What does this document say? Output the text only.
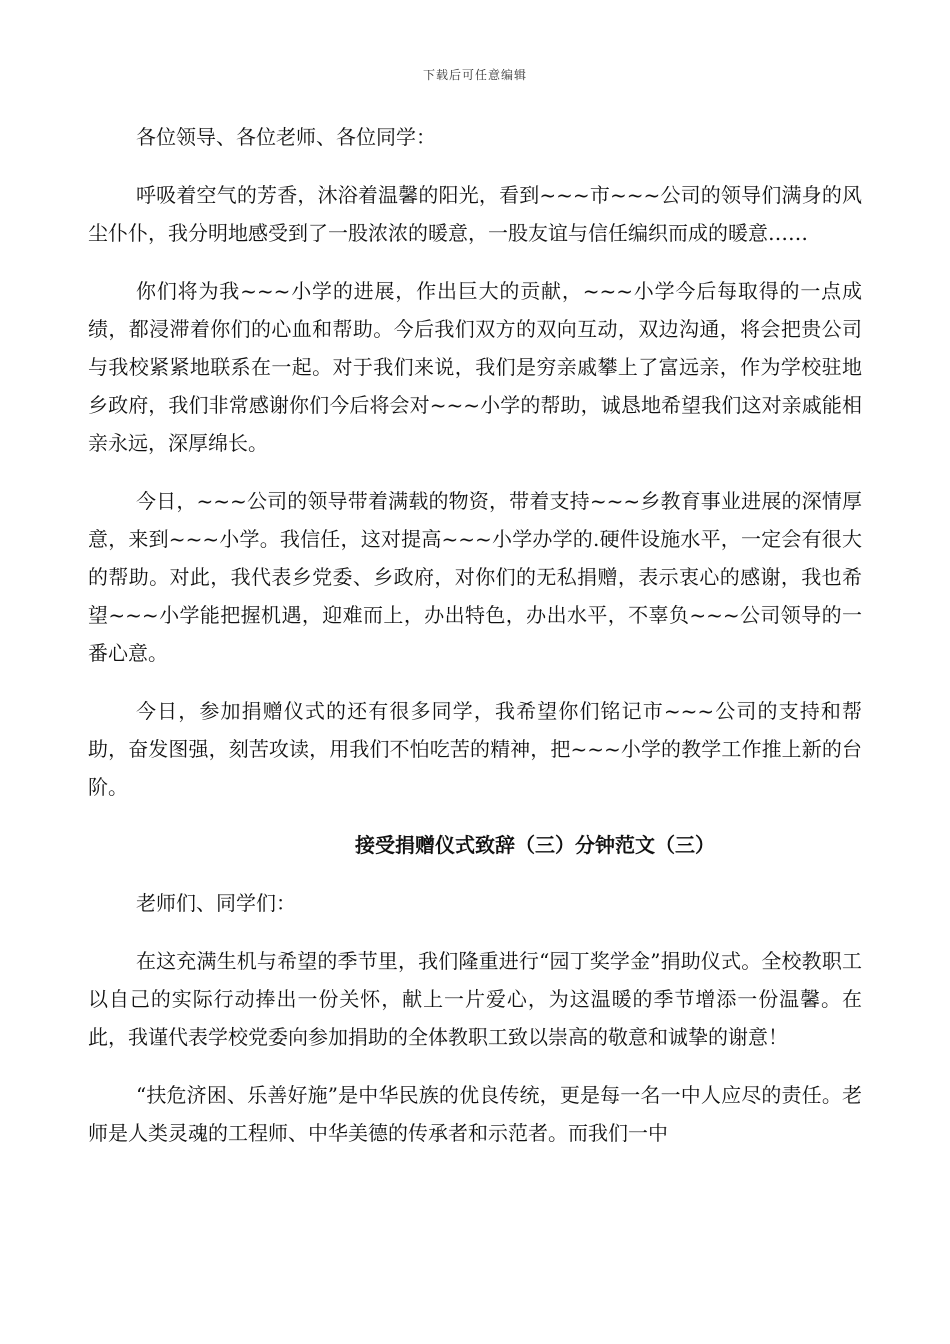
下载后可任意编辑

各位领导、各位老师、各位同学：

呼吸着空气的芳香，沐浴着温馨的阳光，看到~~~市~~~公司的领导们满身的风尘仆仆，我分明地感受到了一股浓浓的暖意，一股友谊与信任编织而成的暖意……

你们将为我~~~小学的进展，作出巨大的贡献，~~~小学今后每取得的一点成绩，都浸滞着你们的心血和帮助。今后我们双方的双向互动，双边沟通，将会把贵公司与我校紧紧地联系在一起。对于我们来说，我们是穷亲戚攀上了富远亲，作为学校驻地乡政府，我们非常感谢你们今后将会对~~~小学的帮助，诚恳地希望我们这对亲戚能相亲永远，深厚绵长。

今日，~~~公司的领导带着满载的物资，带着支持~~~乡教育事业进展的深情厚意，来到~~~小学。我信任，这对提高~~~小学办学的.硬件设施水平，一定会有很大的帮助。对此，我代表乡党委、乡政府，对你们的无私捐赠，表示衷心的感谢，我也希望~~~小学能把握机遇，迎难而上，办出特色，办出水平，不辜负~~~公司领导的一番心意。

今日，参加捐赠仪式的还有很多同学，我希望你们铭记市~~~公司的支持和帮助，奋发图强，刻苦攻读，用我们不怕吃苦的精神，把~~~小学的教学工作推上新的台阶。

接受捐赠仪式致辞（三）分钟范文（三）

老师们、同学们：

在这充满生机与希望的季节里，我们隆重进行“园丁奖学金”捐助仪式。全校教职工以自己的实际行动捧出一份关怀，献上一片爱心，为这温暖的季节增添一份温馨。在此，我谨代表学校党委向参加捐助的全体教职工致以崇高的敬意和诚挚的谢意！

“扶危济困、乐善好施”是中华民族的优良传统，更是每一名一中人应尽的责任。老师是人类灵魂的工程师、中华美德的传承者和示范者。而我们一中
